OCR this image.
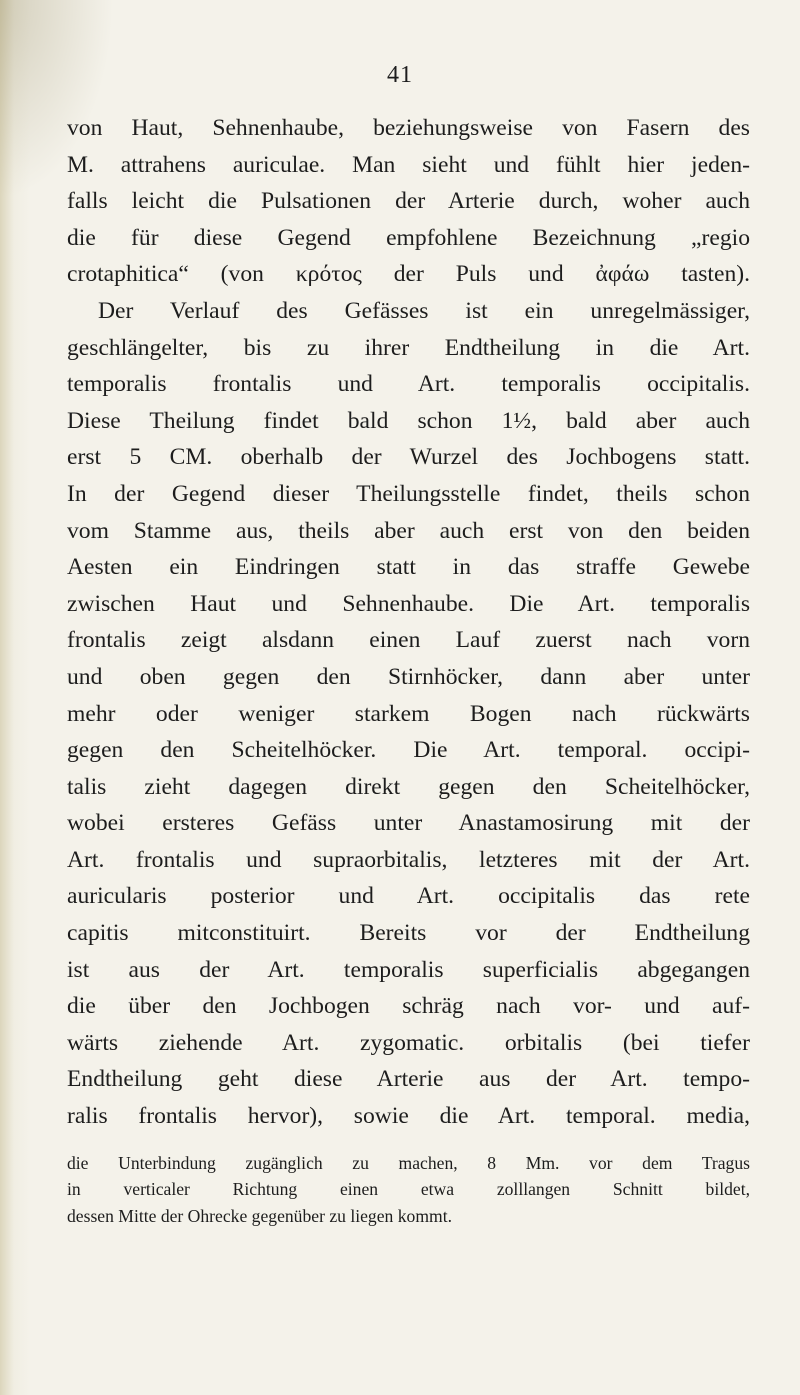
41
von Haut, Sehnenhaube, beziehungsweise von Fasern des
M. attrahens auriculae. Man sieht und fühlt hier jeden-
falls leicht die Pulsationen der Arterie durch, woher auch
die für diese Gegend empfohlene Bezeichnung „regio
crotaphitica“ (von κρότος der Puls und ἀφάω tasten).
Der Verlauf des Gefässes ist ein unregelmässiger,
geschlängelter, bis zu ihrer Endtheilung in die Art.
temporalis frontalis und Art. temporalis occipitalis.
Diese Theilung findet bald schon 1½, bald aber auch
erst 5 CM. oberhalb der Wurzel des Jochbogens statt.
In der Gegend dieser Theilungsstelle findet, theils schon
vom Stamme aus, theils aber auch erst von den beiden
Aesten ein Eindringen statt in das straffe Gewebe
zwischen Haut und Sehnenhaube. Die Art. temporalis
frontalis zeigt alsdann einen Lauf zuerst nach vorn
und oben gegen den Stirnhöcker, dann aber unter
mehr oder weniger starkem Bogen nach rückwärts
gegen den Scheitelhöcker. Die Art. temporal. occipi-
talis zieht dagegen direkt gegen den Scheitelhöcker,
wobei ersteres Gefäss unter Anastamosirung mit der
Art. frontalis und supraorbitalis, letzteres mit der Art.
auricularis posterior und Art. occipitalis das rete
capitis mitconstituirt. Bereits vor der Endtheilung
ist aus der Art. temporalis superficialis abgegangen
die über den Jochbogen schräg nach vor- und auf-
wärts ziehende Art. zygomatic. orbitalis (bei tiefer
Endtheilung geht diese Arterie aus der Art. tempo-
ralis frontalis hervor), sowie die Art. temporal. media,
die Unterbindung zugänglich zu machen, 8 Mm. vor dem Tragus
in verticaler Richtung einen etwa zolllangen Schnitt bildet,
dessen Mitte der Ohrecke gegenüber zu liegen kommt.
